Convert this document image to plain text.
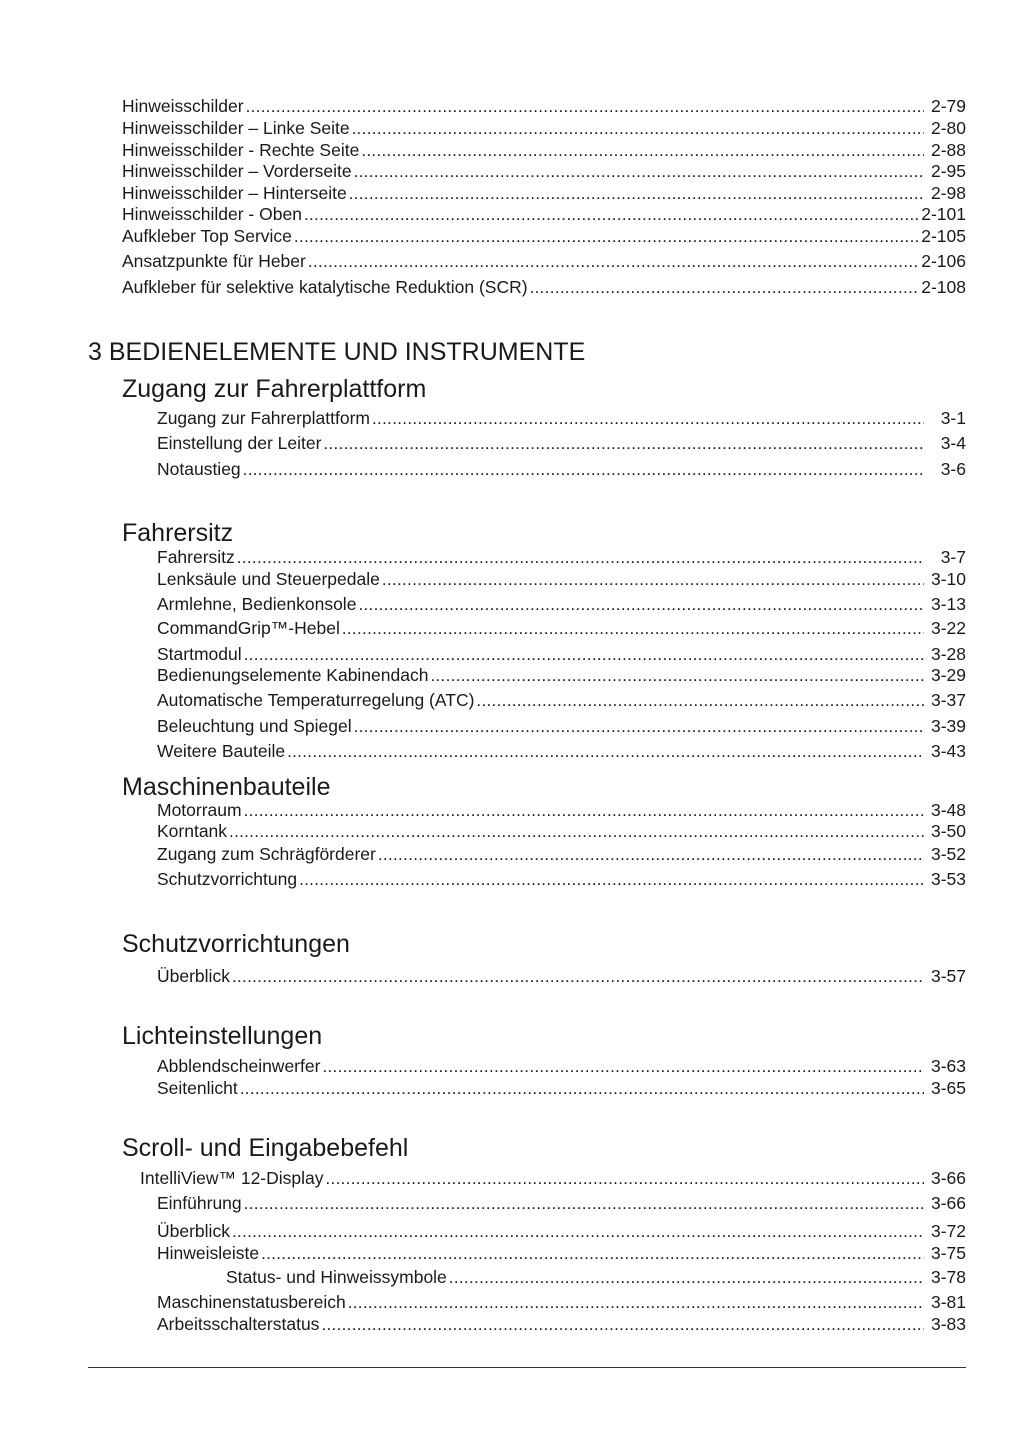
Hinweisschilder . . .	2-79
Hinweisschilder – Linke Seite . . .	2-80
Hinweisschilder - Rechte Seite . . .	2-88
Hinweisschilder – Vorderseite . . .	2-95
Hinweisschilder – Hinterseite . . .	2-98
Hinweisschilder - Oben . . .	2-101
Aufkleber Top Service . . .	2-105
Ansatzpunkte für Heber . . .	2-106
Aufkleber für selektive katalytische Reduktion (SCR) . . .	2-108
3 BEDIENELEMENTE UND INSTRUMENTE
Zugang zur Fahrerplattform
Zugang zur Fahrerplattform . . .	3-1
Einstellung der Leiter . . .	3-4
Notaustieg . . .	3-6
Fahrersitz
Fahrersitz . . .	3-7
Lenksäule und Steuerpedale . . .	3-10
Armlehne, Bedienkonsole . . .	3-13
CommandGrip™-Hebel . . .	3-22
Startmodul . . .	3-28
Bedienungselemente Kabinendach . . .	3-29
Automatische Temperaturregelung (ATC) . . .	3-37
Beleuchtung und Spiegel . . .	3-39
Weitere Bauteile . . .	3-43
Maschinenbauteile
Motorraum . . .	3-48
Korntank . . .	3-50
Zugang zum Schrägförderer . . .	3-52
Schutzvorrichtung . . .	3-53
Schutzvorrichtungen
Überblick . . .	3-57
Lichteinstellungen
Abblendscheinwerfer . . .	3-63
Seitenlicht . . .	3-65
Scroll- und Eingabebefehl
IntelliView™ 12-Display . . .	3-66
Einführung . . .	3-66
Überblick . . .	3-72
Hinweisleiste . . .	3-75
Status- und Hinweissymbole . . .	3-78
Maschinenstatusbereich . . .	3-81
Arbeitsschalterstatus . . .	3-83
